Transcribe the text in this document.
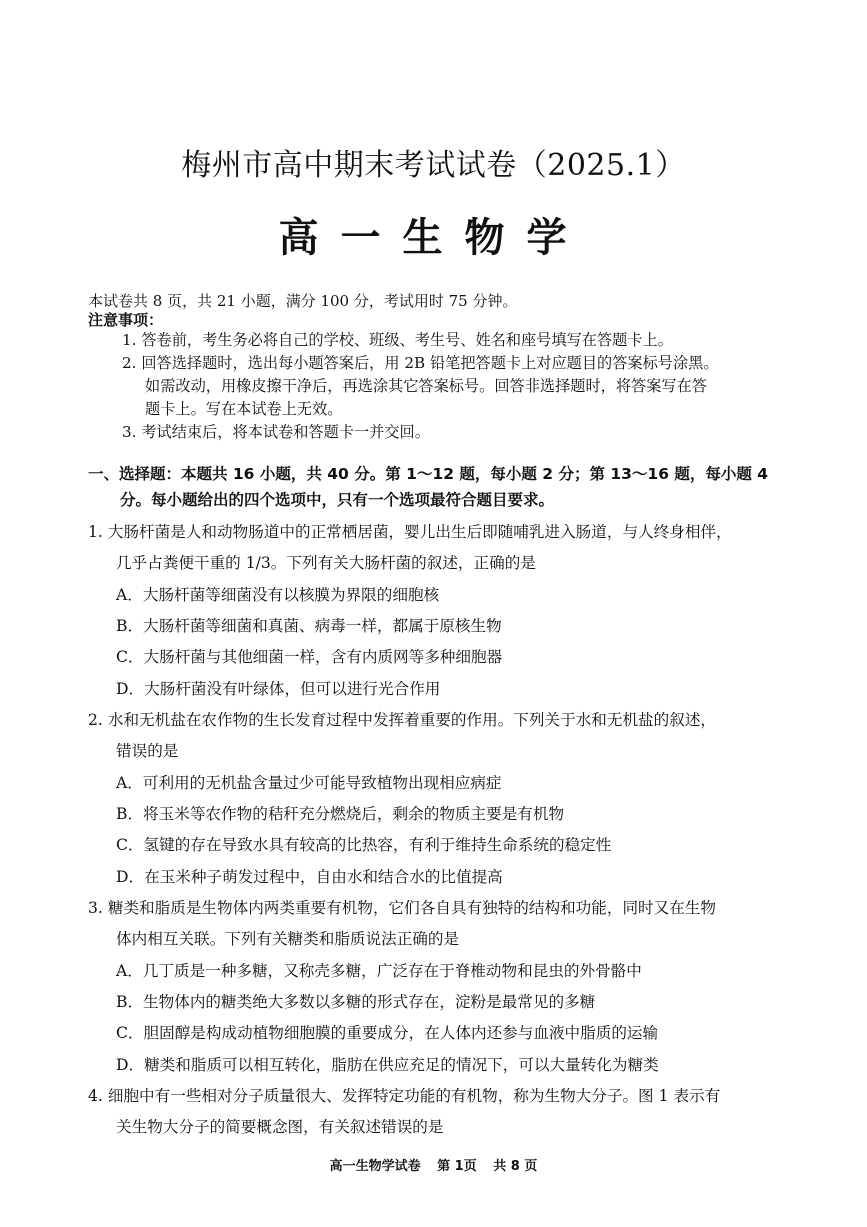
梅州市高中期末考试试卷（2025.1）
高一生物学
本试卷共 8 页，共 21 小题，满分 100 分，考试用时 75 分钟。
注意事项：
1. 答卷前，考生务必将自己的学校、班级、考生号、姓名和座号填写在答题卡上。
2. 回答选择题时，选出每小题答案后，用 2B 铅笔把答题卡上对应题目的答案标号涂黑。
如需改动，用橡皮擦干净后，再选涂其它答案标号。回答非选择题时，将答案写在答
题卡上。写在本试卷上无效。
3. 考试结束后，将本试卷和答题卡一并交回。
一、选择题：本题共 16 小题，共 40 分。第 1～12 题，每小题 2 分；第 13～16 题，每小题 4
分。每小题给出的四个选项中，只有一个选项最符合题目要求。
1. 大肠杆菌是人和动物肠道中的正常栖居菌，婴儿出生后即随哺乳进入肠道，与人终身相伴，
几乎占粪便干重的 1/3。下列有关大肠杆菌的叙述，正确的是
A．大肠杆菌等细菌没有以核膜为界限的细胞核
B．大肠杆菌等细菌和真菌、病毒一样，都属于原核生物
C．大肠杆菌与其他细菌一样，含有内质网等多种细胞器
D．大肠杆菌没有叶绿体，但可以进行光合作用
2. 水和无机盐在农作物的生长发育过程中发挥着重要的作用。下列关于水和无机盐的叙述，
错误的是
A．可利用的无机盐含量过少可能导致植物出现相应病症
B．将玉米等农作物的秸秆充分燃烧后，剩余的物质主要是有机物
C．氢键的存在导致水具有较高的比热容，有利于维持生命系统的稳定性
D．在玉米种子萌发过程中，自由水和结合水的比值提高
3. 糖类和脂质是生物体内两类重要有机物，它们各自具有独特的结构和功能，同时又在生物
体内相互关联。下列有关糖类和脂质说法正确的是
A．几丁质是一种多糖，又称壳多糖，广泛存在于脊椎动物和昆虫的外骨骼中
B．生物体内的糖类绝大多数以多糖的形式存在，淀粉是最常见的多糖
C．胆固醇是构成动植物细胞膜的重要成分，在人体内还参与血液中脂质的运输
D．糖类和脂质可以相互转化，脂肪在供应充足的情况下，可以大量转化为糖类
4. 细胞中有一些相对分子质量很大、发挥特定功能的有机物，称为生物大分子。图 1 表示有
关生物大分子的简要概念图，有关叙述错误的是
高一生物学试卷 第 1页 共 8 页
